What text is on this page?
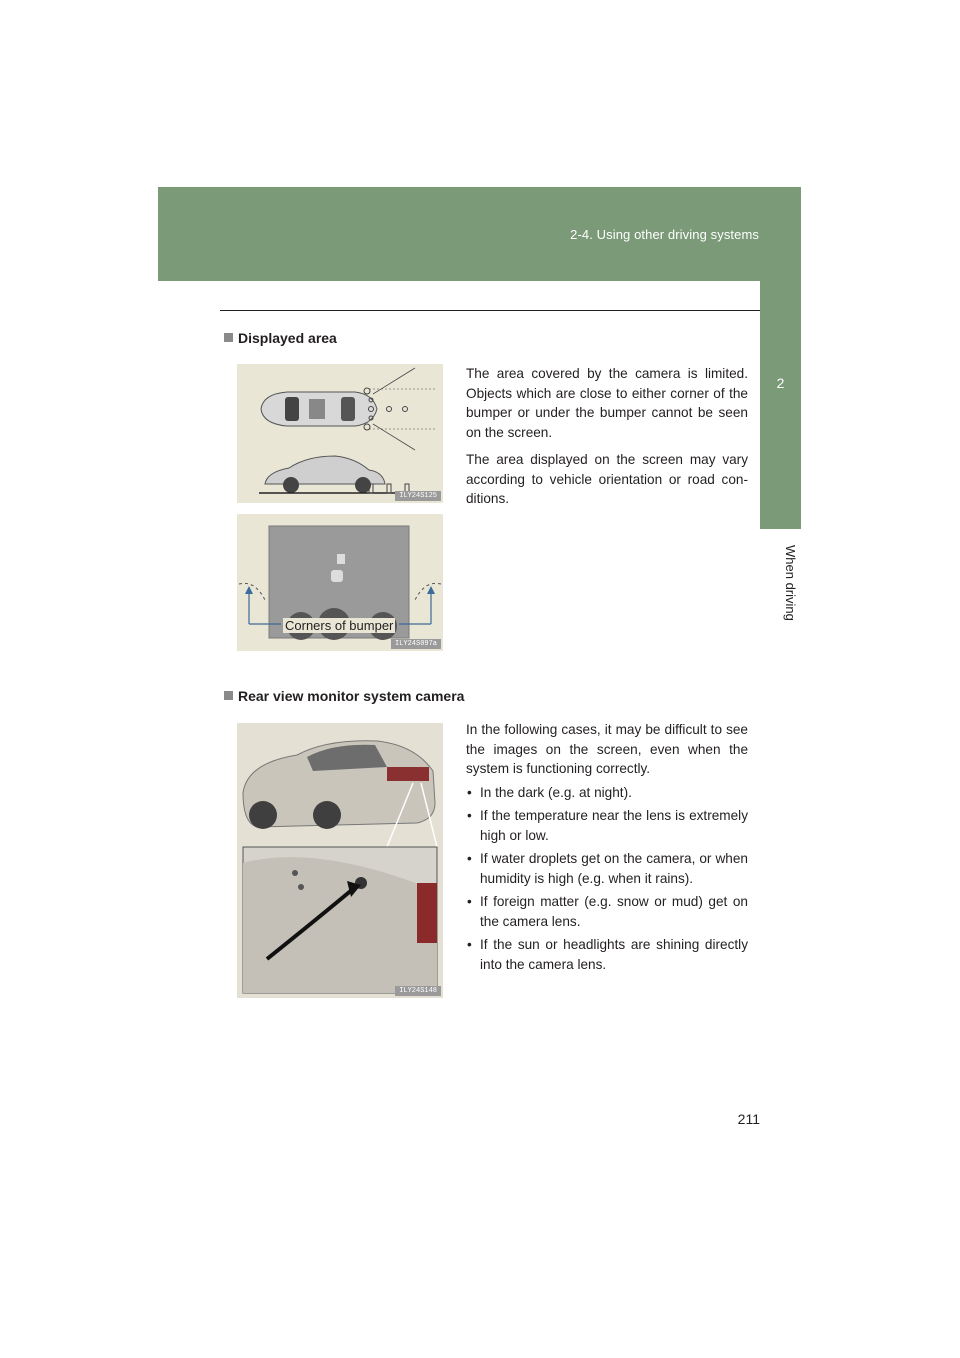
2-4. Using other driving systems
2
When driving
Displayed area
ILY24S125
ILY24S097a
Corners of bumper

The area covered by the camera is limited. Objects which are close to either corner of the bumper or under the bumper cannot be seen on the screen.

The area displayed on the screen may vary according to vehicle orientation or road con-ditions.

Rear view monitor system camera
ILY24S148

In the following cases, it may be difficult to see the images on the screen, even when the system is functioning correctly.

• In the dark (e.g. at night).
• If the temperature near the lens is extremely high or low.
• If water droplets get on the camera, or when humidity is high (e.g. when it rains).
• If foreign matter (e.g. snow or mud) get on the camera lens.
• If the sun or headlights are shining directly into the camera lens.
211
